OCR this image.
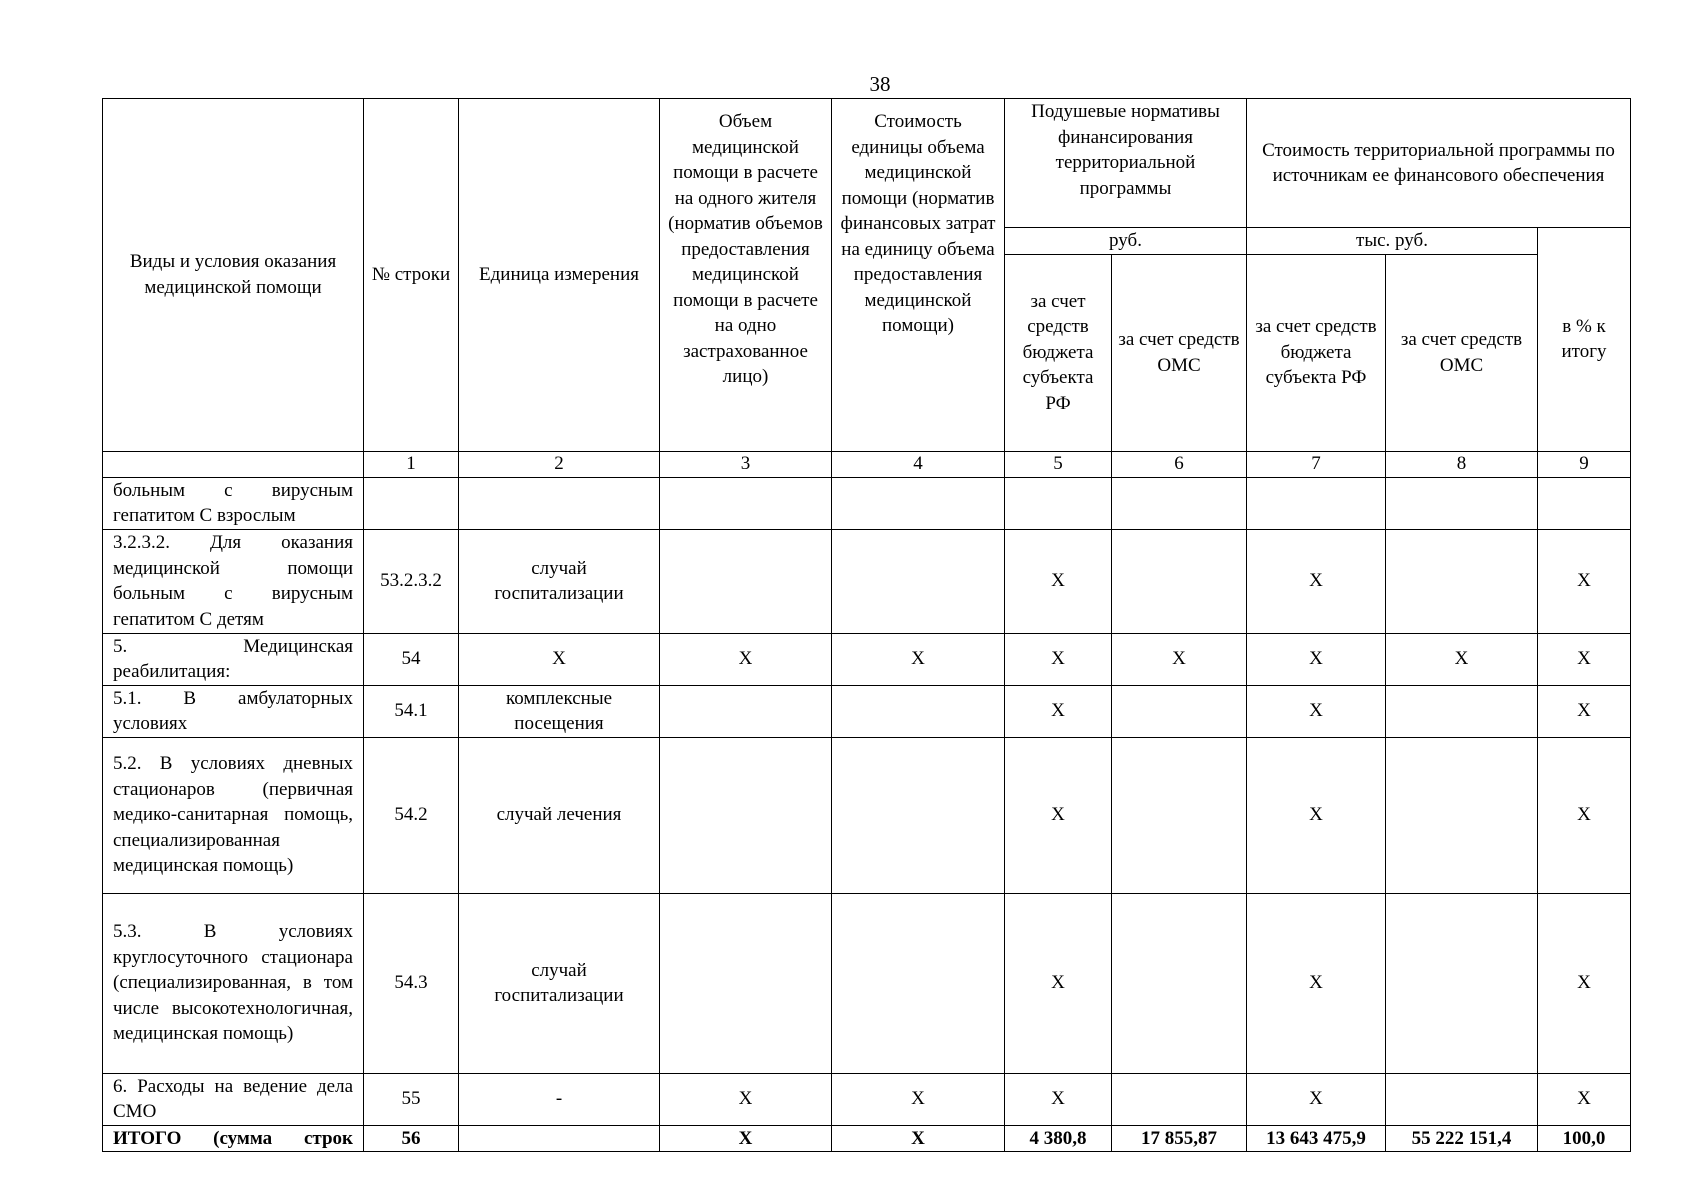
38
Виды и условия оказания медицинской помощи	№ строки	Единица измерения	Объем медицинской помощи в расчете на одного жителя (норматив объемов предоставления медицинской помощи в расчете на одно застрахованное лицо)	Стоимость единицы объема медицинской помощи (норматив финансовых затрат на единицу объема предоставления медицинской помощи)	Подушевые нормативы финансирования территориальной программы		Стоимость территориальной программы по источникам ее финансового обеспечения		
					руб.		тыс. руб.		в % к итогу
					за счет средств бюджета субъекта РФ	за счет средств ОМС	за счет средств бюджета субъекта РФ	за счет средств ОМС	
	1	2	3	4	5	6	7	8	9
больным с вирусным гепатитом С взрослым									
3.2.3.2. Для оказания медицинской помощи больным с вирусным гепатитом С детям	53.2.3.2	случай госпитализации			Х		Х		Х
5. Медицинская реабилитация:	54	Х	Х	Х	Х	Х	Х	Х	Х
5.1. В амбулаторных условиях	54.1	комплексные посещения			Х		Х		Х
5.2. В условиях дневных стационаров (первичная медико-санитарная помощь, специализированная медицинская помощь)	54.2	случай лечения			Х		Х		Х
5.3. В условиях круглосуточного стационара (специализированная, в том числе высокотехнологичная, медицинская помощь)	54.3	случай госпитализации			Х		Х		Х
6. Расходы на ведение дела СМО	55	-	Х	Х	Х		Х		Х
ИТОГО (сумма строк	56		Х	Х	4 380,8	17 855,87	13 643 475,9	55 222 151,4	100,0
